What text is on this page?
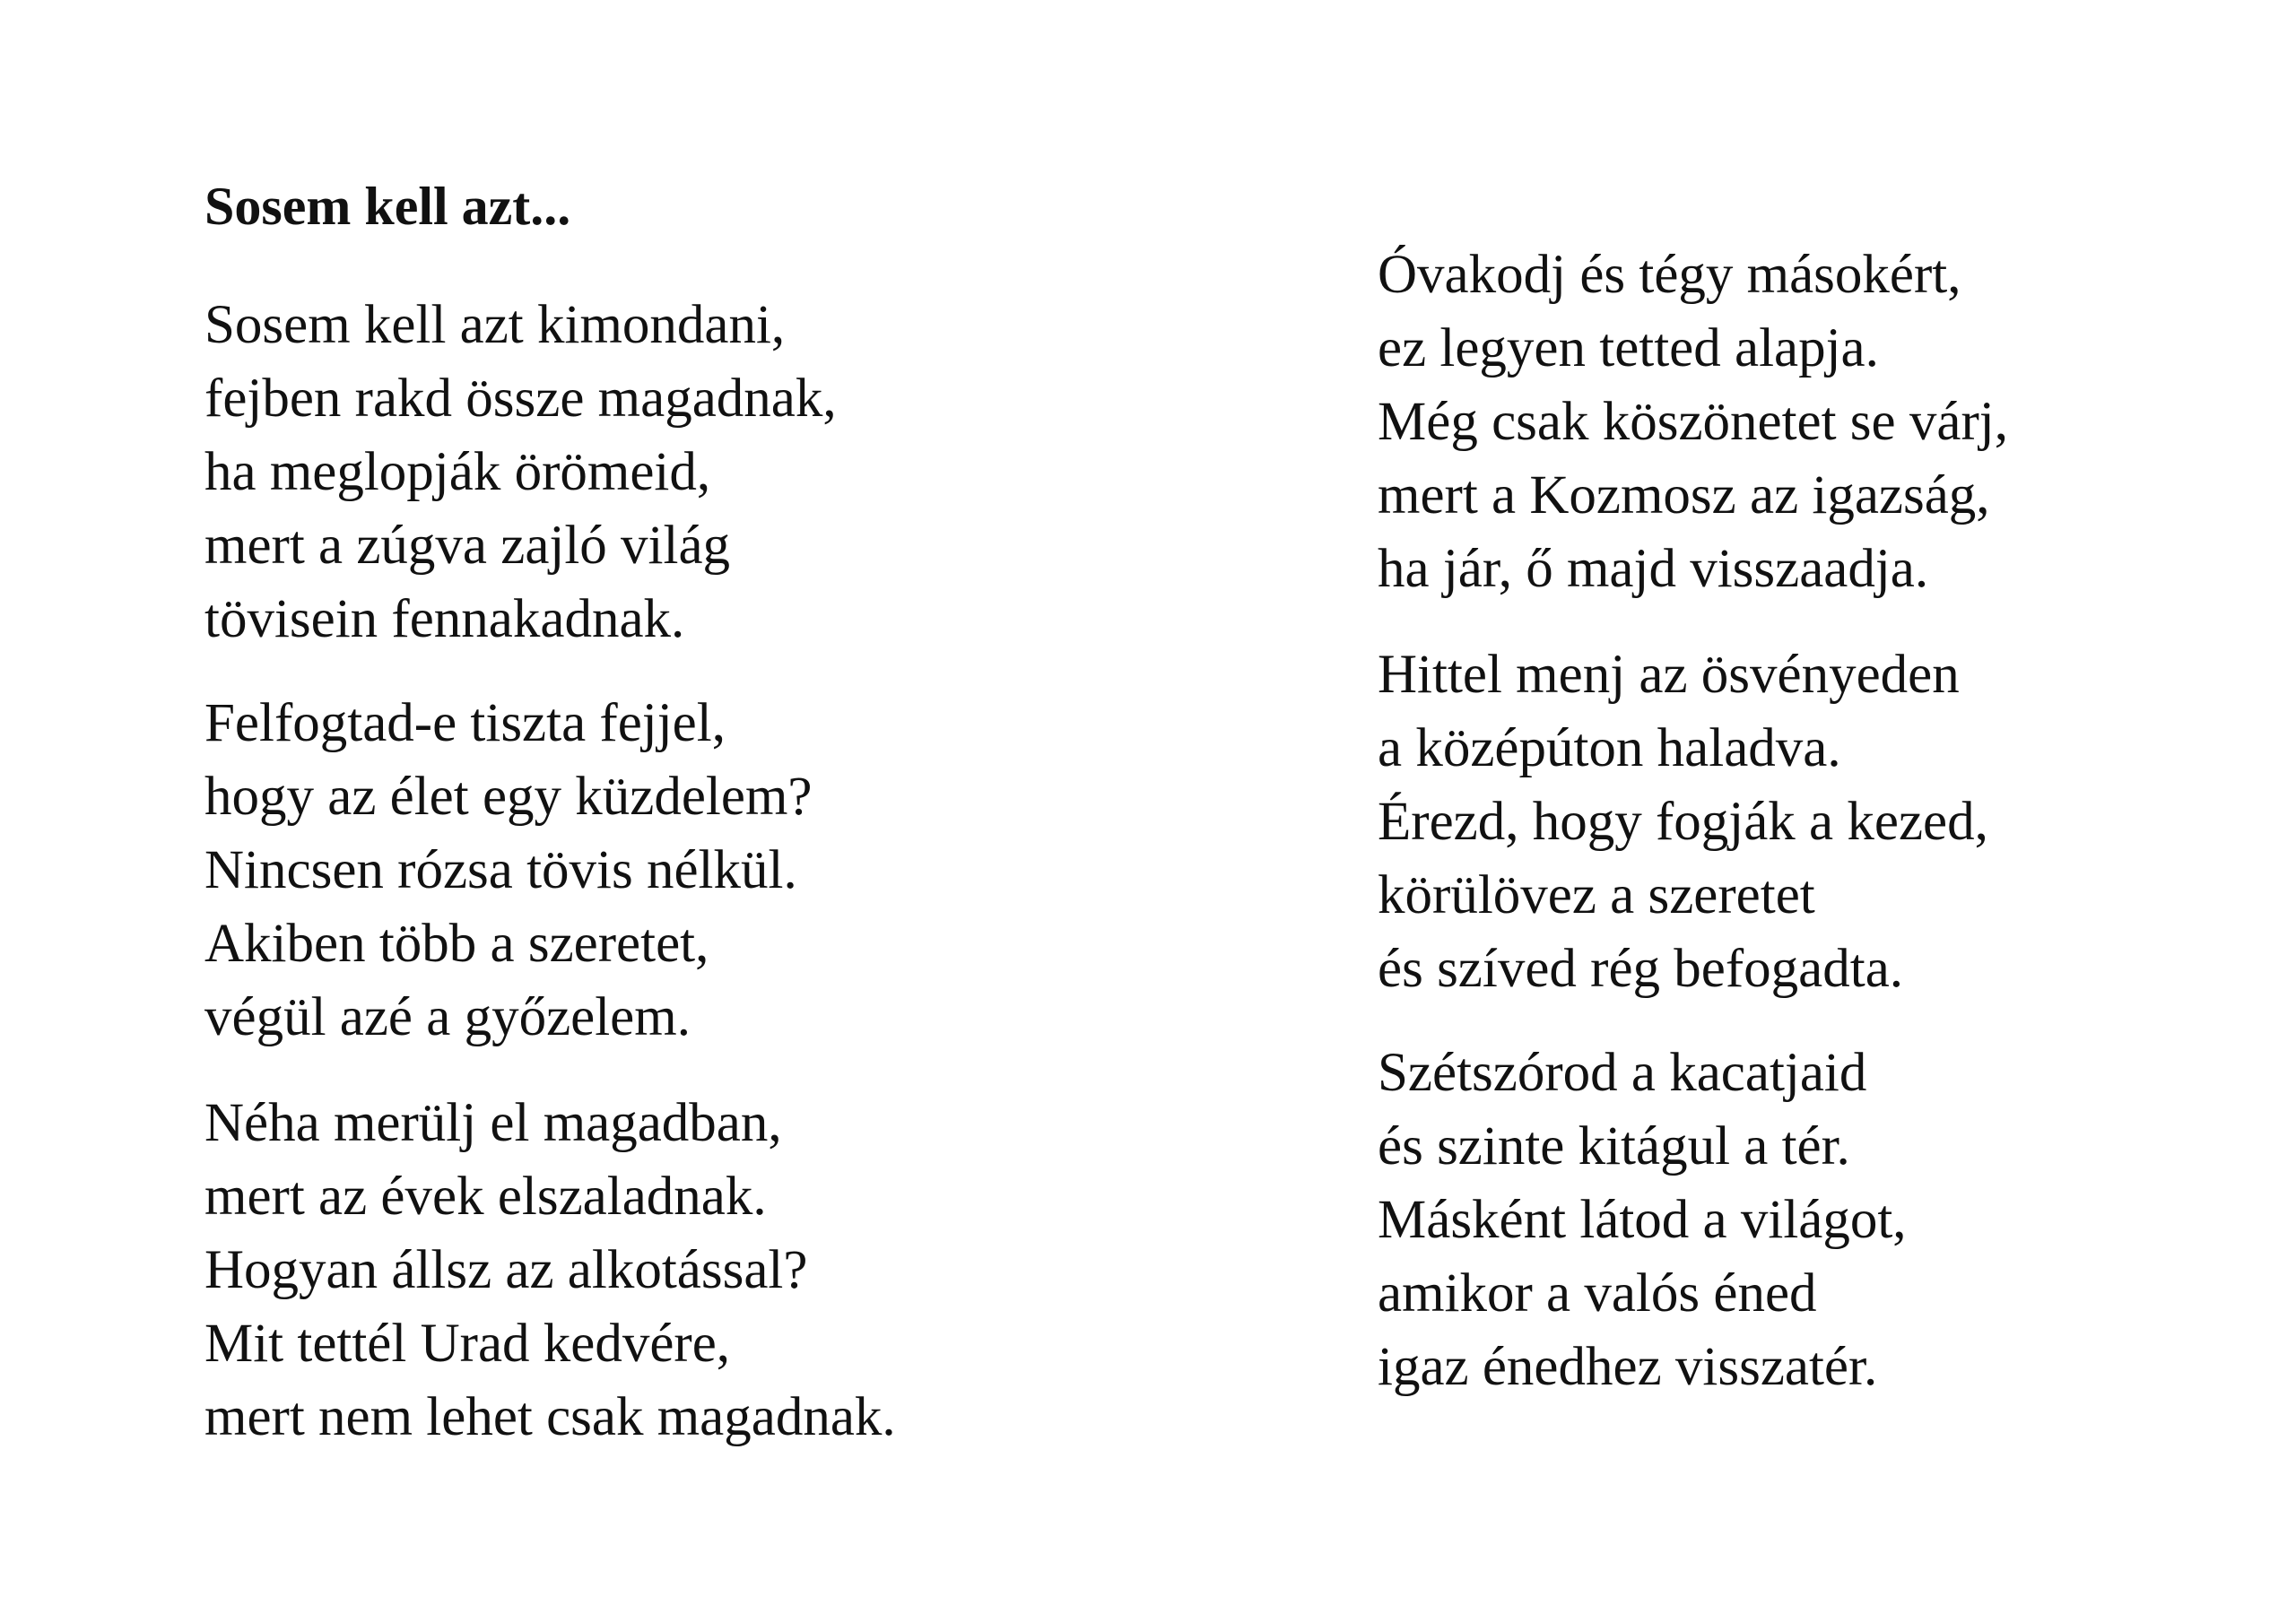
Sosem kell azt...
Sosem kell azt kimondani,
fejben rakd össze magadnak,
ha meglopják örömeid,
mert a zúgva zajló világ
tövisein fennakadnak.
Felfogtad-e tiszta fejjel,
hogy az élet egy küzdelem?
Nincsen rózsa tövis nélkül.
Akiben több a szeretet,
végül azé a győzelem.
Néha merülj el magadban,
mert az évek elszaladnak.
Hogyan állsz az alkotással?
Mit tettél Urad kedvére,
mert nem lehet csak magadnak.
Óvakodj és tégy másokért,
ez legyen tetted alapja.
Még csak köszönetet se várj,
mert a Kozmosz az igazság,
ha jár, ő majd visszaadja.
Hittel menj az ösvényeden
a középúton haladva.
Érezd, hogy fogják a kezed,
körülövez a szeretet
és szíved rég befogadta.
Szétszórod a kacatjaid
és szinte kitágul a tér.
Másként látod a világot,
amikor a valós éned
igaz énedhez visszatér.
